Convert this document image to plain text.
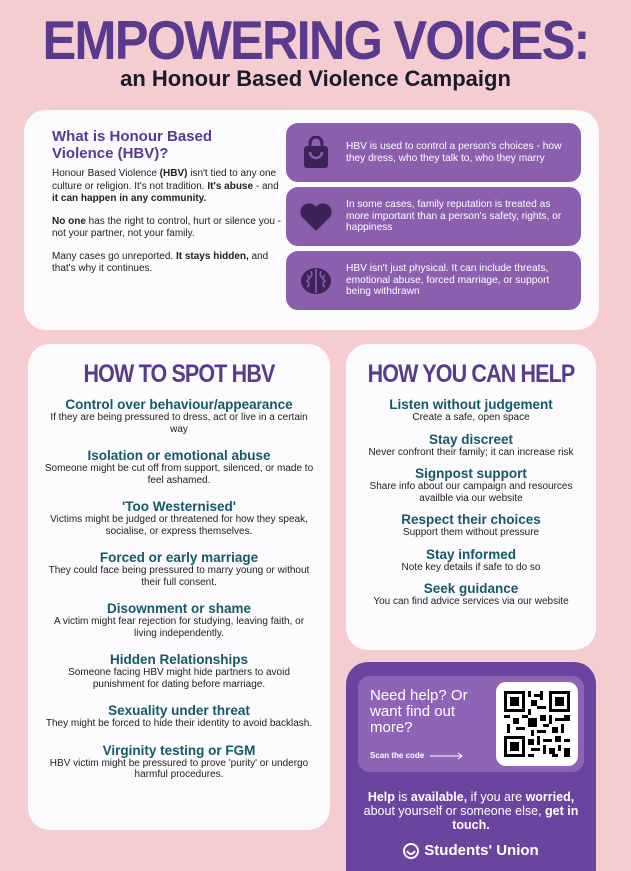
EMPOWERING VOICES:
an Honour Based Violence Campaign
What is Honour Based Violence (HBV)?

Honour Based Violence (HBV) isn't tied to any one culture or religion. It's not tradition. It's abuse - and it can happen in any community.

No one has the right to control, hurt or silence you - not your partner, not your family.

Many cases go unreported. It stays hidden, and that's why it continues.

HBV is used to control a person's choices - how they dress, who they talk to, who they marry
In some cases, family reputation is treated as more important than a person's safety, rights, or happiness
HBV isn't just physical. It can include threats, emotional abuse, forced marriage, or support being withdrawn
HOW TO SPOT HBV
Control over behaviour/appearance
If they are being pressured to dress, act or live in a certain way
Isolation or emotional abuse
Someone might be cut off from support, silenced, or made to feel ashamed.
'Too Westernised'
Victims might be judged or threatened for how they speak, socialise, or express themselves.
Forced or early marriage
They could face being pressured to marry young or without their full consent.
Disownment or shame
A victim might fear rejection for studying, leaving faith, or living independently.
Hidden Relationships
Someone facing HBV might hide partners to avoid punishment for dating before marriage.
Sexuality under threat
They might be forced to hide their identity to avoid backlash.
Virginity testing or FGM
HBV victim might be pressured to prove 'purity' or undergo harmful procedures.
HOW YOU CAN HELP
Listen without judgement
Create a safe, open space
Stay discreet
Never confront their family; it can increase risk
Signpost support
Share info about our campaign and resources availble via our website
Respect their choices
Support them without pressure
Stay informed
Note key details if safe to do so
Seek guidance
You can find advice services via our website
Need help? Or want find out more?
Scan the code
Help is available, if you are worried, about yourself or someone else, get in touch.
Students' Union
